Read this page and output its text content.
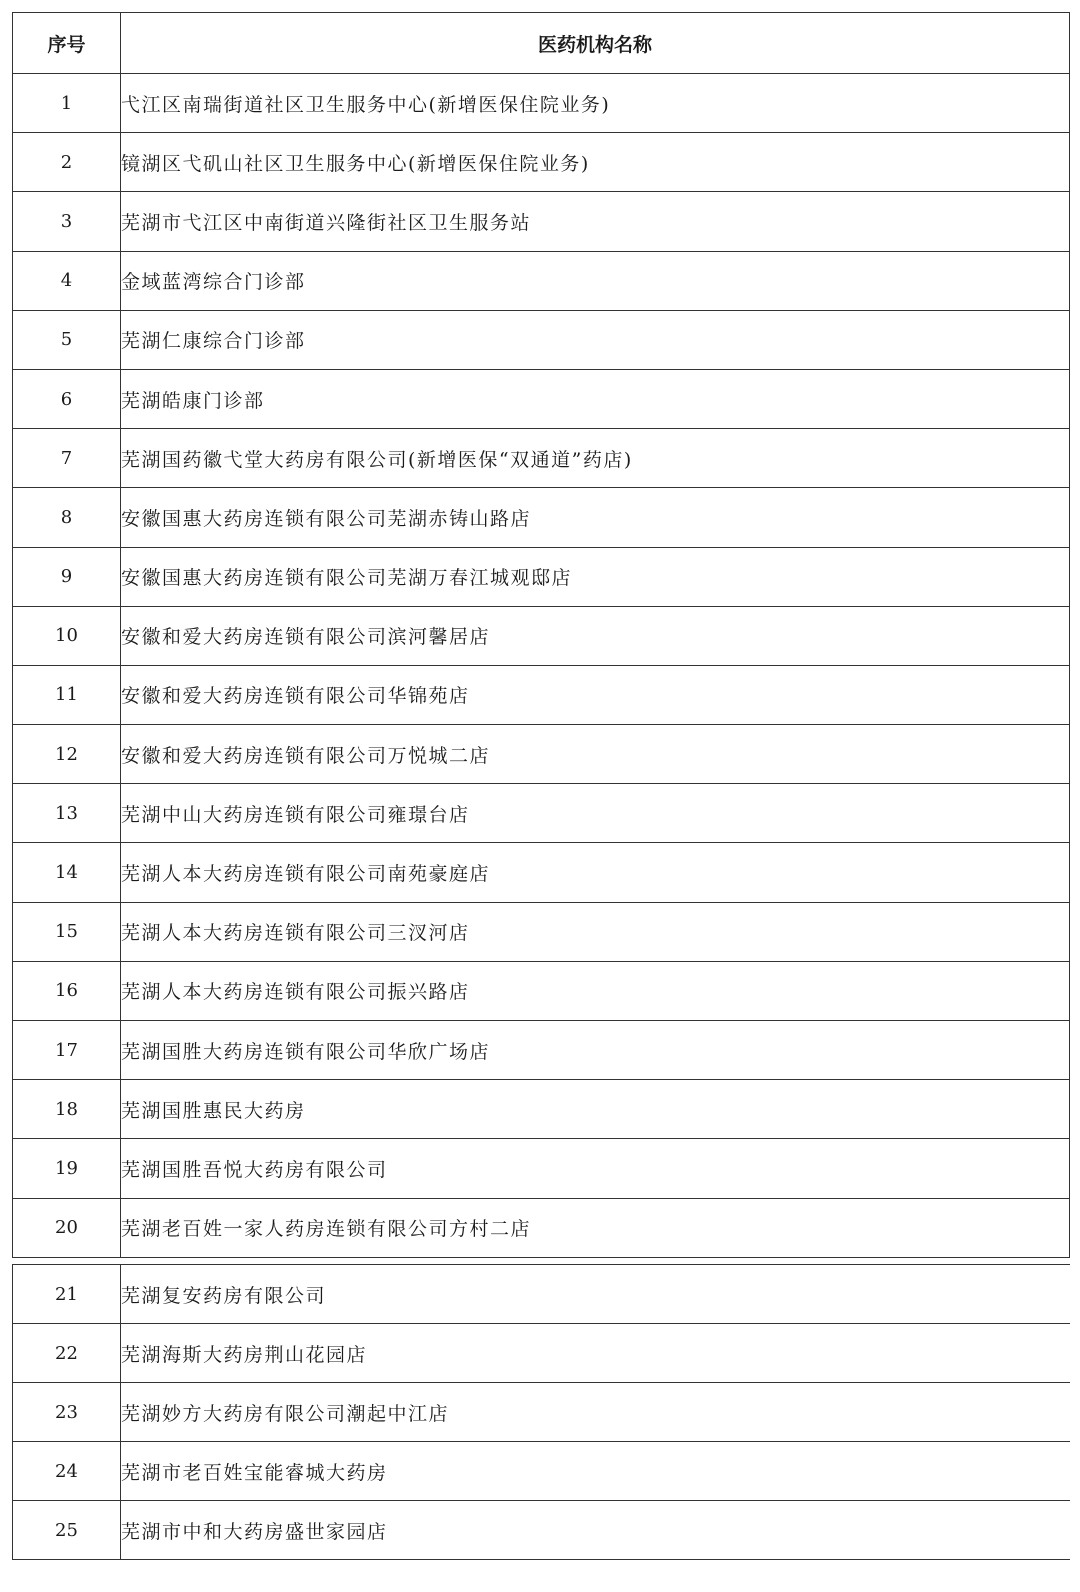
序号	医药机构名称
1	弋江区南瑞街道社区卫生服务中心(新增医保住院业务)
2	镜湖区弋矶山社区卫生服务中心(新增医保住院业务)
3	芜湖市弋江区中南街道兴隆街社区卫生服务站
4	金域蓝湾综合门诊部
5	芜湖仁康综合门诊部
6	芜湖皓康门诊部
7	芜湖国药徽弋堂大药房有限公司(新增医保“双通道”药店)
8	安徽国惠大药房连锁有限公司芜湖赤铸山路店
9	安徽国惠大药房连锁有限公司芜湖万春江城观邸店
10	安徽和爱大药房连锁有限公司滨河馨居店
11	安徽和爱大药房连锁有限公司华锦苑店
12	安徽和爱大药房连锁有限公司万悦城二店
13	芜湖中山大药房连锁有限公司雍璟台店
14	芜湖人本大药房连锁有限公司南苑豪庭店
15	芜湖人本大药房连锁有限公司三汊河店
16	芜湖人本大药房连锁有限公司振兴路店
17	芜湖国胜大药房连锁有限公司华欣广场店
18	芜湖国胜惠民大药房
19	芜湖国胜吾悦大药房有限公司
20	芜湖老百姓一家人药房连锁有限公司方村二店
21	芜湖复安药房有限公司
22	芜湖海斯大药房荆山花园店
23	芜湖妙方大药房有限公司潮起中江店
24	芜湖市老百姓宝能睿城大药房
25	芜湖市中和大药房盛世家园店
